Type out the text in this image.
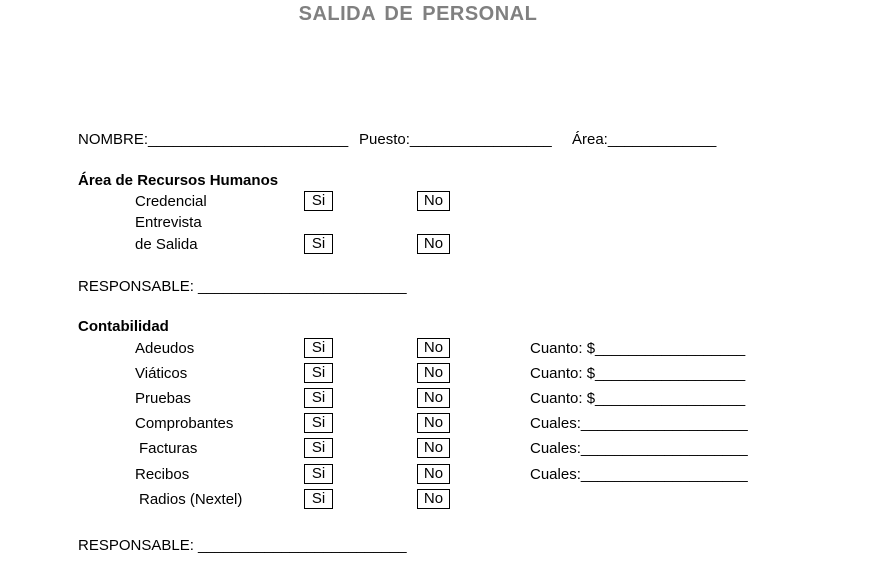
SALIDA DE PERSONAL
NOMBRE:________________________ Puesto:_________________ Área:_____________
Área de Recursos Humanos
Credencial	Si	No
Entrevista
de Salida	Si	No
RESPONSABLE: _________________________
Contabilidad
Adeudos	Si	No	Cuanto: $__________________
Viáticos	Si	No	Cuanto: $__________________
Pruebas	Si	No	Cuanto: $__________________
Comprobantes	Si	No	Cuales:____________________
Facturas	Si	No	Cuales:____________________
Recibos	Si	No	Cuales:____________________
Radios (Nextel)	Si	No
RESPONSABLE: _________________________
